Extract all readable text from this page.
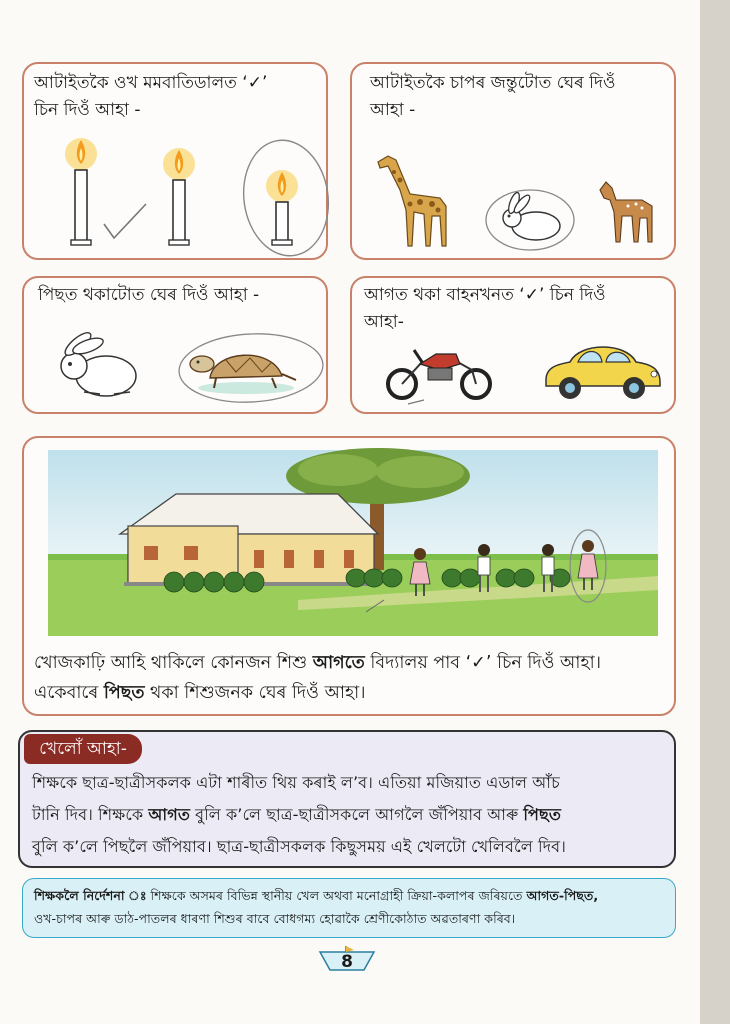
আটাইতকৈ ওখ মমবাতিডালত ‘✓’
চিন দিওঁ আহা -
আটাইতকৈ চাপৰ জন্তুটোত ঘেৰ দিওঁ
আহা -
পিছত থকাটোত ঘেৰ দিওঁ আহা -	আগত থকা বাহনখনত ‘✓’ চিন দিওঁ
আহা-
খোজকাঢ়ি আহি থাকিলে কোনজন শিশু আগতে বিদ্যালয় পাব ‘✓’ চিন দিওঁ আহা।
একেবাৰে পিছত থকা শিশুজনক ঘেৰ দিওঁ আহা।
খেলোঁ আহা-
শিক্ষকে ছাত্ৰ-ছাত্ৰীসকলক এটা শাৰীত থিয় কৰাই ল’ব। এতিয়া মজিয়াত এডাল আঁচ
টানি দিব। শিক্ষকে আগত বুলি ক’লে ছাত্ৰ-ছাত্ৰীসকলে আগলৈ জঁপিয়াব আৰু পিছত
বুলি ক’লে পিছলৈ জঁপিয়াব। ছাত্ৰ-ছাত্ৰীসকলক কিছুসময় এই খেলটো খেলিবলৈ দিব।
শিক্ষকলৈ নিৰ্দেশনা ঃ শিক্ষকে অসমৰ বিভিন্ন স্থানীয় খেল অথবা মনোগ্ৰাহী ক্ৰিয়া-কলাপৰ জৰিয়তে আগত-পিছত,
ওখ-চাপৰ আৰু ডাঠ-পাতলৰ ধাৰণা শিশুৰ বাবে বোধগম্য হোৱাকৈ শ্ৰেণীকোঠাত অৱতাৰণা কৰিব।
8
